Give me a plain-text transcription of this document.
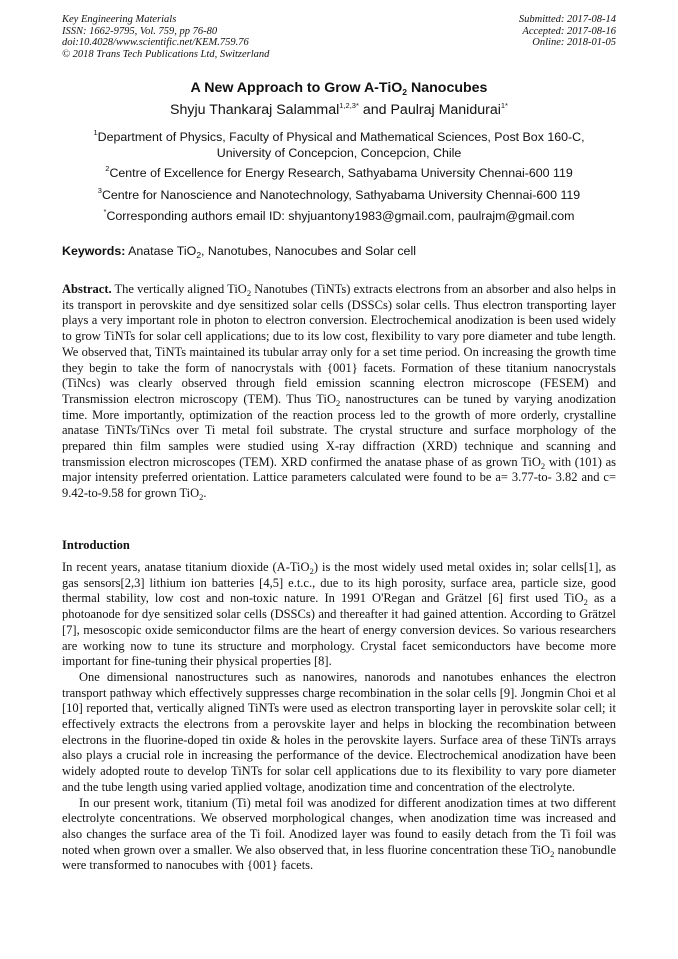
Key Engineering Materials
ISSN: 1662-9795, Vol. 759, pp 76-80
doi:10.4028/www.scientific.net/KEM.759.76
© 2018 Trans Tech Publications Ltd, Switzerland
Submitted: 2017-08-14
Accepted: 2017-08-16
Online: 2018-01-05
A New Approach to Grow A-TiO$_2$ Nanocubes
Shyju Thankaraj Salammal$^{1,2,3*}$ and Paulraj Manidurai$^{1*}$
$^1$Department of Physics, Faculty of Physical and Mathematical Sciences, Post Box 160-C,
University of Concepcion, Concepcion, Chile
$^2$Centre of Excellence for Energy Research, Sathyabama University Chennai-600 119
$^3$Centre for Nanoscience and Nanotechnology, Sathyabama University Chennai-600 119
*Corresponding authors email ID: shyjuantony1983@gmail.com, paulrajm@gmail.com
Keywords: Anatase TiO$_2$, Nanotubes, Nanocubes and Solar cell
Abstract. The vertically aligned TiO$_2$ Nanotubes (TiNTs) extracts electrons from an absorber and also helps in its transport in perovskite and dye sensitized solar cells (DSSCs) solar cells. Thus electron transporting layer plays a very important role in photon to electron conversion. Electrochemical anodization is been used widely to grow TiNTs for solar cell applications; due to its low cost, flexibility to vary pore diameter and tube length. We observed that, TiNTs maintained its tubular array only for a set time period. On increasing the growth time they begin to take the form of nanocrystals with {001} facets. Formation of these titanium nanocrystals (TiNcs) was clearly observed through field emission scanning electron microscope (FESEM) and Transmission electron microscopy (TEM). Thus TiO$_2$ nanostructures can be tuned by varying anodization time. More importantly, optimization of the reaction process led to the growth of more orderly, crystalline anatase TiNTs/TiNcs over Ti metal foil substrate. The crystal structure and surface morphology of the prepared thin film samples were studied using X-ray diffraction (XRD) technique and scanning and transmission electron microscopes (TEM). XRD confirmed the anatase phase of as grown TiO$_2$ with (101) as major intensity preferred orientation. Lattice parameters calculated were found to be a= 3.77-to- 3.82 and c= 9.42-to-9.58 for grown TiO$_2$.
Introduction

In recent years, anatase titanium dioxide (A-TiO$_2$) is the most widely used metal oxides in; solar cells[1], as gas sensors[2,3] lithium ion batteries [4,5] e.t.c., due to its high porosity, surface area, particle size, good thermal stability, low cost and non-toxic nature. In 1991 O'Regan and Grätzel [6] first used TiO$_2$ as a photoanode for dye sensitized solar cells (DSSCs) and thereafter it had gained attention. According to Grätzel [7], mesoscopic oxide semiconductor films are the heart of energy conversion devices. So various researchers are working now to tune its structure and morphology. Crystal facet semiconductors have become more important for fine-tuning their physical properties [8].

One dimensional nanostructures such as nanowires, nanorods and nanotubes enhances the electron transport pathway which effectively suppresses charge recombination in the solar cells [9]. Jongmin Choi et al [10] reported that, vertically aligned TiNTs were used as electron transporting layer in perovskite solar cell; it effectively extracts the electrons from a perovskite layer and helps in blocking the recombination between electrons in the fluorine-doped tin oxide & holes in the perovskite layers. Surface area of these TiNTs arrays also plays a crucial role in increasing the performance of the device. Electrochemical anodization have been widely adopted route to develop TiNTs for solar cell applications due to its flexibility to vary pore diameter and the tube length using varied applied voltage, anodization time and concentration of the electrolyte.

In our present work, titanium (Ti) metal foil was anodized for different anodization times at two different electrolyte concentrations. We observed morphological changes, when anodization time was increased and also changes the surface area of the Ti foil. Anodized layer was found to easily detach from the Ti foil was noted when grown over a smaller. We also observed that, in less fluorine concentration these TiO$_2$ nanobundle were transformed to nanocubes with {001} facets.
